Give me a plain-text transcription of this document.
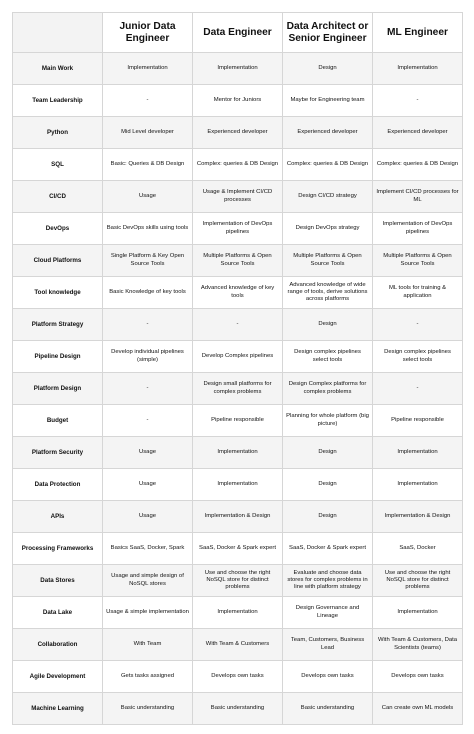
	Junior Data Engineer	Data Engineer	Data Architect or Senior Engineer	ML Engineer
Main Work	Implementation	Implementation	Design	Implementation
Team Leadership	-	Mentor for Juniors	Maybe for Engineering team	-
Python	Mid Level developer	Experienced developer	Experienced developer	Experienced developer
SQL	Basic: Queries & DB Design	Complex: queries & DB Design	Complex: queries & DB Design	Complex: queries & DB Design
CI/CD	Usage	Usage & Implement CI/CD processes	Design CI/CD strategy	Implement CI/CD processes for ML
DevOps	Basic DevOps skills using tools	Implementation of DevOps pipelines	Design DevOps strategy	Implementation of DevOps pipelines
Cloud Platforms	Single Platform & Key Open Source Tools	Multiple Platforms & Open Source Tools	Multiple Platforms & Open Source Tools	Multiple Platforms & Open Source Tools
Tool knowledge	Basic Knowledge of key tools	Advanced knowledge of key tools	Advanced knowledge of wide range of tools, derive solutions across platforms	ML tools for training & application
Platform Strategy	-	-	Design	-
Pipeline Design	Develop individual pipelines (simple)	Develop Complex pipelines	Design complex pipelines select tools	Design complex pipelines select tools
Platform Design	-	Design small platforms for complex problems	Design Complex platforms for complex problems	-
Budget	-	Pipeline responsible	Planning for whole platform (big picture)	Pipeline responsible
Platform Security	Usage	Implementation	Design	Implementation
Data Protection	Usage	Implementation	Design	Implementation
APIs	Usage	Implementation & Design	Design	Implementation & Design
Processing Frameworks	Basics SaaS, Docker, Spark	SaaS, Docker & Spark expert	SaaS, Docker & Spark expert	SaaS, Docker
Data Stores	Usage and simple design of NoSQL stores	Use and choose the right NoSQL store for distinct problems	Evaluate and choose data stores for complex problems in line with platform strategy	Use and choose the right NoSQL store for distinct problems
Data Lake	Usage & simple implementation	Implementation	Design Governance and Lineage	Implementation
Collaboration	With Team	With Team & Customers	Team, Customers, Business Lead	With Team & Customers, Data Scientists (teams)
Agile Development	Gets tasks assigned	Develops own tasks	Develops own tasks	Develops own tasks
Machine Learning	Basic understanding	Basic understanding	Basic understanding	Can create own ML models
